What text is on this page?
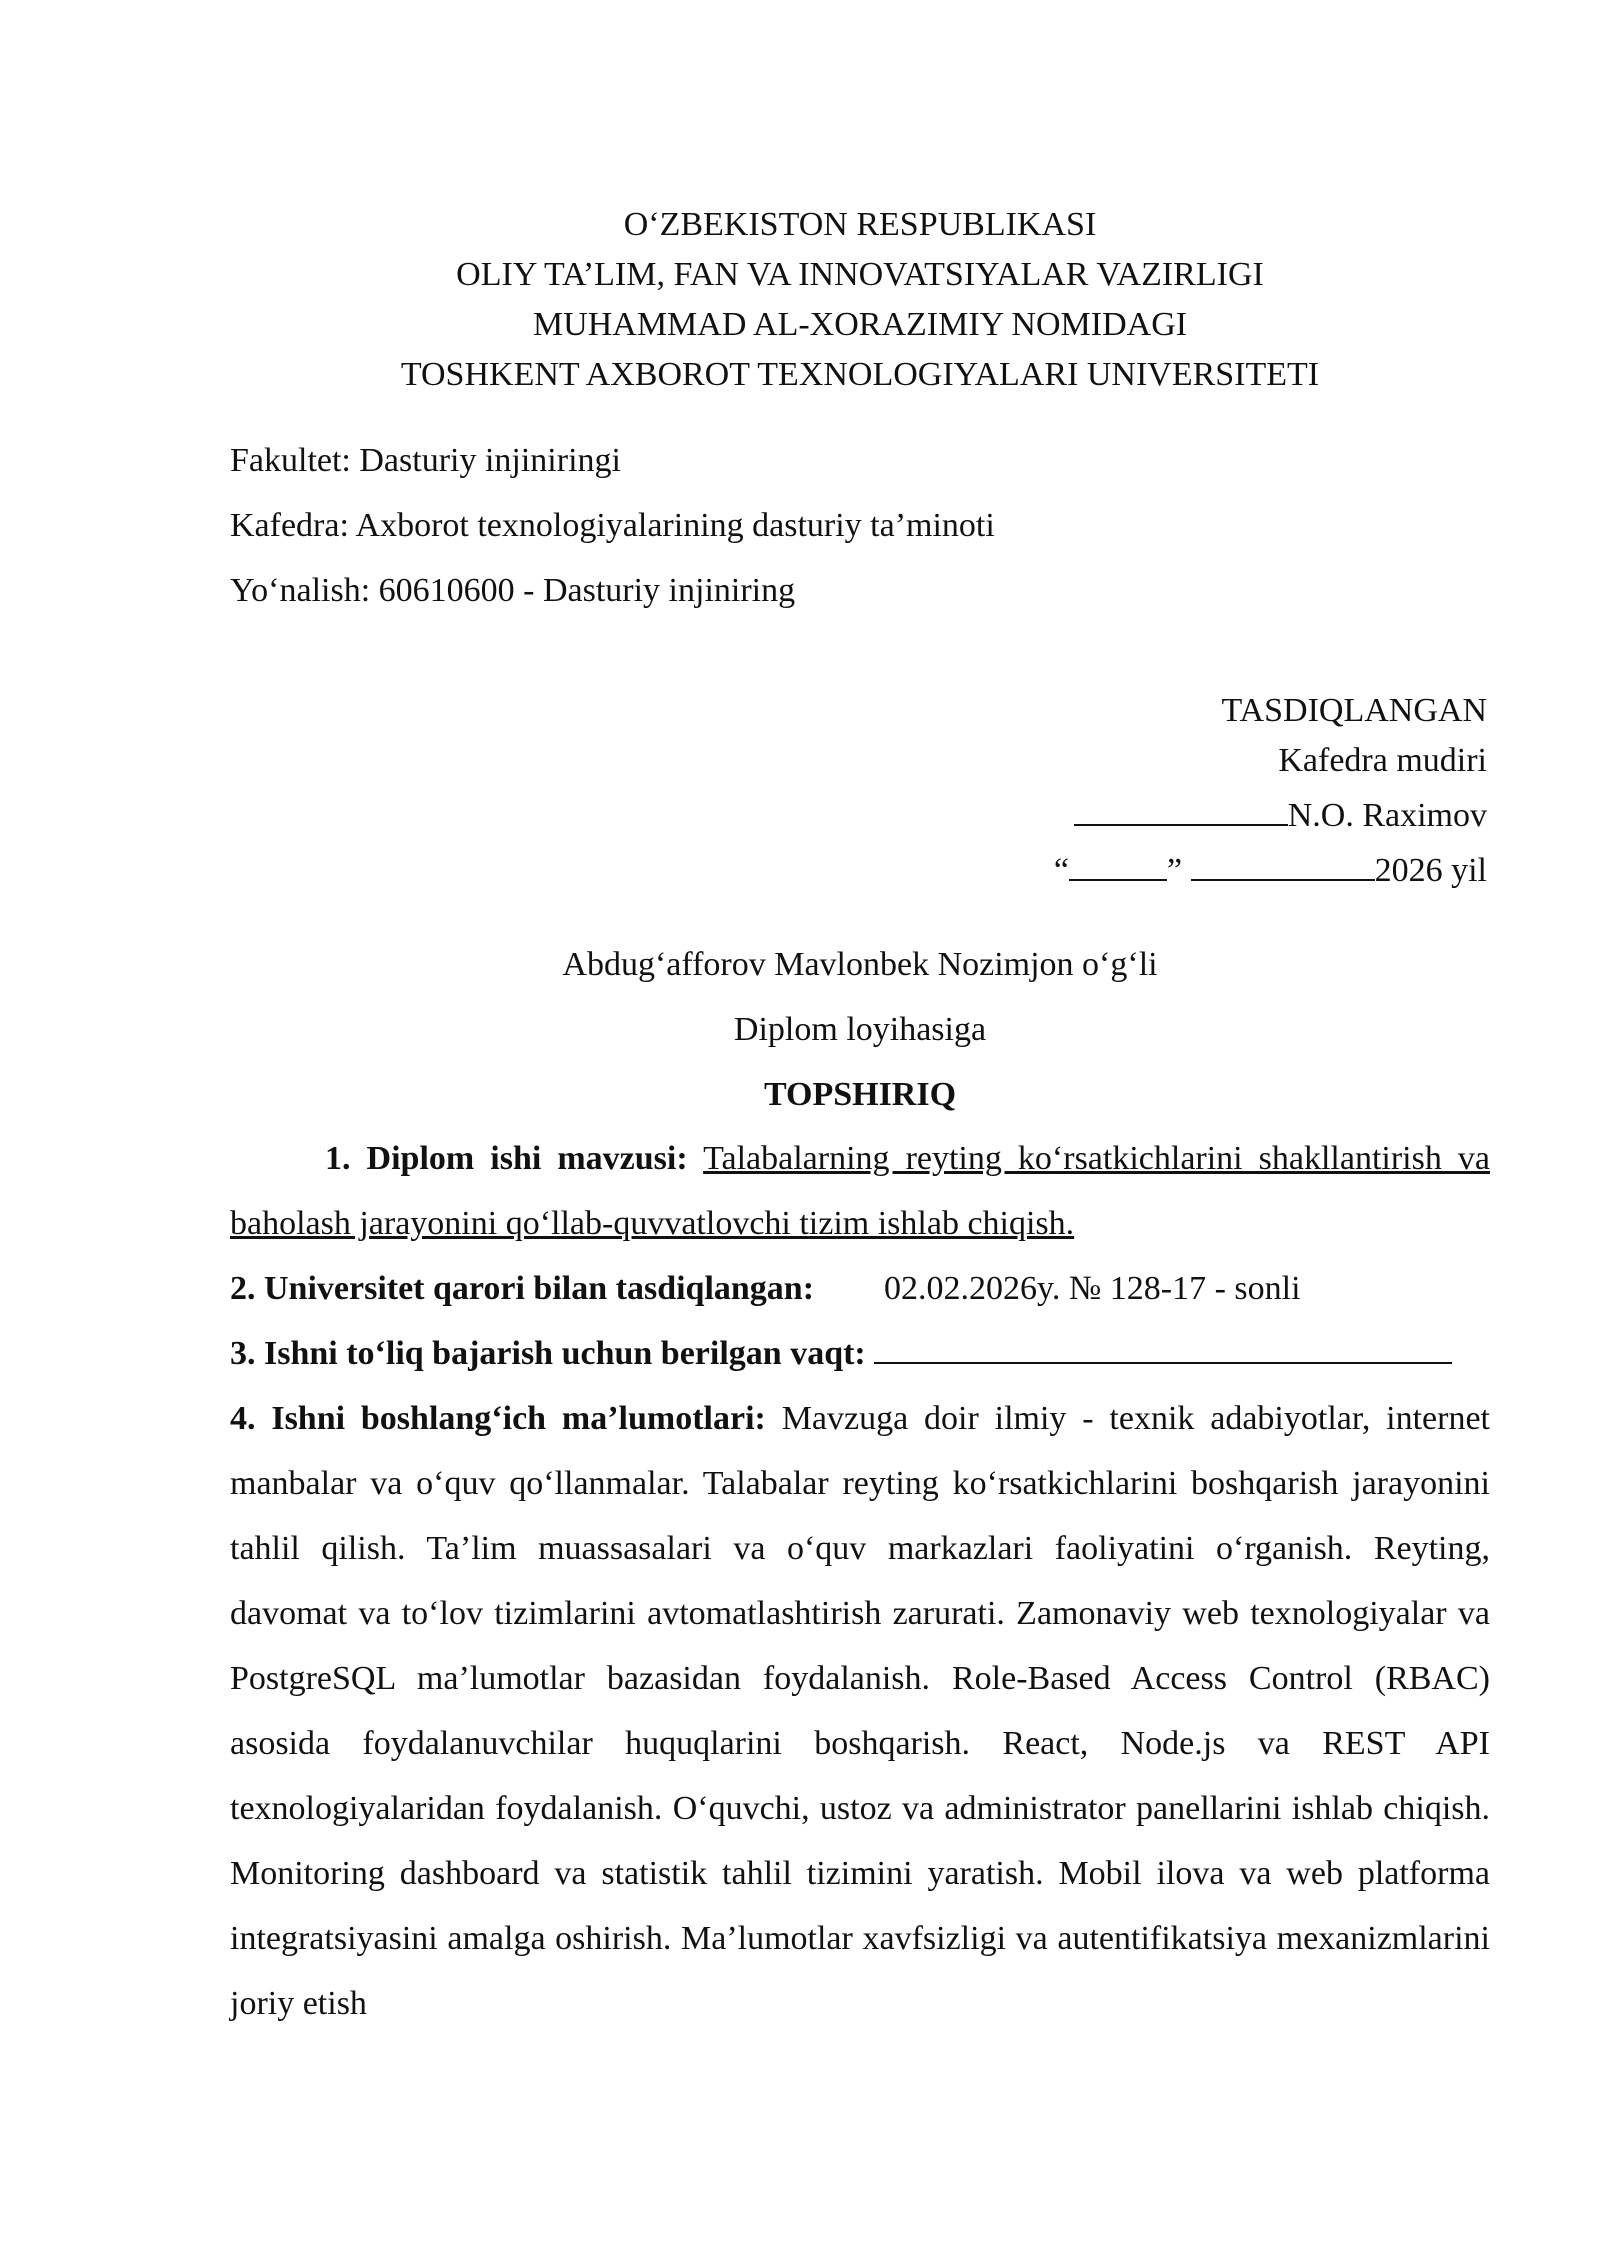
O‘ZBEKISTON RESPUBLIKASI
OLIY TA’LIM, FAN VA INNOVATSIYALAR VAZIRLIGI
MUHAMMAD AL-XORAZIMIY NOMIDAGI
TOSHKENT AXBOROT TEXNOLOGIYALARI UNIVERSITETI
Fakultet: Dasturiy injiniringi
Kafedra: Axborot texnologiyalarining dasturiy ta’minoti
Yo‘nalish: 60610600 - Dasturiy injiniring
TASDIQLANGAN
Kafedra mudiri
N.O. Raximov
“	”	2026 yil
Abdug‘afforov Mavlonbek Nozimjon o‘g‘li
Diplom loyihasiga
TOPSHIRIQ

1. Diplom ishi mavzusi: Talabalarning reyting ko‘rsatkichlarini shakllantirish va baholash jarayonini qo‘llab-quvvatlovchi tizim ishlab chiqish.

2. Universitet qarori bilan tasdiqlangan: 02.02.2026y. № 128-17 - sonli

3. Ishni to‘liq bajarish uchun berilgan vaqt:

4. Ishni boshlang‘ich ma’lumotlari: Mavzuga doir ilmiy - texnik adabiyotlar, internet manbalar va o‘quv qo‘llanmalar. Talabalar reyting ko‘rsatkichlarini boshqarish jarayonini tahlil qilish. Ta’lim muassasalari va o‘quv markazlari faoliyatini o‘rganish. Reyting, davomat va to‘lov tizimlarini avtomatlashtirish zarurati. Zamonaviy web texnologiyalar va PostgreSQL ma’lumotlar bazasidan foydalanish. Role-Based Access Control (RBAC) asosida foydalanuvchilar huquqlarini boshqarish. React, Node.js va REST API texnologiyalaridan foydalanish. O‘quvchi, ustoz va administrator panellarini ishlab chiqish. Monitoring dashboard va statistik tahlil tizimini yaratish. Mobil ilova va web platforma integratsiyasini amalga oshirish. Ma’lumotlar xavfsizligi va autentifikatsiya mexanizmlarini joriy etish
